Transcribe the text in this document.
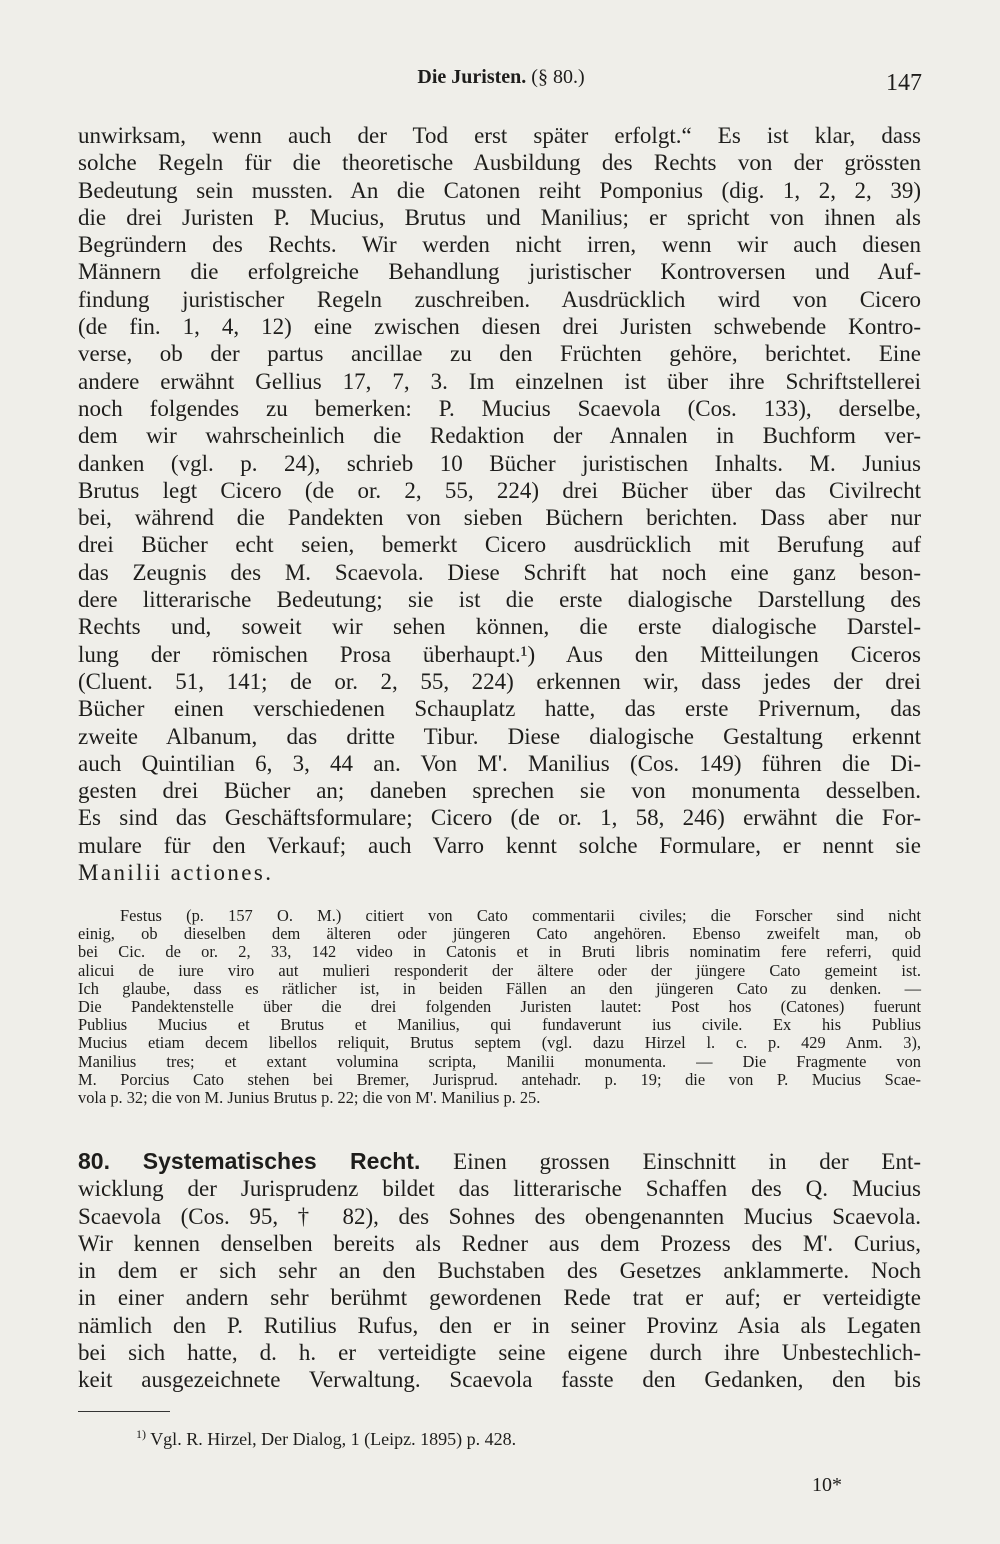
Die Juristen. (§ 80.)	147
unwirksam, wenn auch der Tod erst später erfolgt.“ Es ist klar, dass
solche Regeln für die theoretische Ausbildung des Rechts von der grössten
Bedeutung sein mussten. An die Catonen reiht Pomponius (dig. 1, 2, 2, 39)
die drei Juristen P. Mucius, Brutus und Manilius; er spricht von ihnen als
Begründern des Rechts. Wir werden nicht irren, wenn wir auch diesen
Männern die erfolgreiche Behandlung juristischer Kontroversen und Auf-
findung juristischer Regeln zuschreiben. Ausdrücklich wird von Cicero
(de fin. 1, 4, 12) eine zwischen diesen drei Juristen schwebende Kontro-
verse, ob der partus ancillae zu den Früchten gehöre, berichtet. Eine
andere erwähnt Gellius 17, 7, 3. Im einzelnen ist über ihre Schriftstellerei
noch folgendes zu bemerken: P. Mucius Scaevola (Cos. 133), derselbe,
dem wir wahrscheinlich die Redaktion der Annalen in Buchform ver-
danken (vgl. p. 24), schrieb 10 Bücher juristischen Inhalts. M. Junius
Brutus legt Cicero (de or. 2, 55, 224) drei Bücher über das Civilrecht
bei, während die Pandekten von sieben Büchern berichten. Dass aber nur
drei Bücher echt seien, bemerkt Cicero ausdrücklich mit Berufung auf
das Zeugnis des M. Scaevola. Diese Schrift hat noch eine ganz beson-
dere litterarische Bedeutung; sie ist die erste dialogische Darstellung des
Rechts und, soweit wir sehen können, die erste dialogische Darstel-
lung der römischen Prosa überhaupt.¹) Aus den Mitteilungen Ciceros
(Cluent. 51, 141; de or. 2, 55, 224) erkennen wir, dass jedes der drei
Bücher einen verschiedenen Schauplatz hatte, das erste Privernum, das
zweite Albanum, das dritte Tibur. Diese dialogische Gestaltung erkennt
auch Quintilian 6, 3, 44 an. Von M'. Manilius (Cos. 149) führen die Di-
gesten drei Bücher an; daneben sprechen sie von monumenta desselben.
Es sind das Geschäftsformulare; Cicero (de or. 1, 58, 246) erwähnt die For-
mulare für den Verkauf; auch Varro kennt solche Formulare, er nennt sie
Manilii actiones.
Festus (p. 157 O. M.) citiert von Cato commentarii civiles; die Forscher sind nicht
einig, ob dieselben dem älteren oder jüngeren Cato angehören. Ebenso zweifelt man, ob
bei Cic. de or. 2, 33, 142 video in Catonis et in Bruti libris nominatim fere referri, quid
alicui de iure viro aut mulieri responderit der ältere oder der jüngere Cato gemeint ist.
Ich glaube, dass es rätlicher ist, in beiden Fällen an den jüngeren Cato zu denken. —
Die Pandektenstelle über die drei folgenden Juristen lautet: Post hos (Catones) fuerunt
Publius Mucius et Brutus et Manilius, qui fundaverunt ius civile. Ex his Publius
Mucius etiam decem libellos reliquit, Brutus septem (vgl. dazu Hirzel l. c. p. 429 Anm. 3),
Manilius tres; et extant volumina scripta, Manilii monumenta. — Die Fragmente von
M. Porcius Cato stehen bei Bremer, Jurisprud. antehadr. p. 19; die von P. Mucius Scae-
vola p. 32; die von M. Junius Brutus p. 22; die von M'. Manilius p. 25.
80. Systematisches Recht. Einen grossen Einschnitt in der Ent-
wicklung der Jurisprudenz bildet das litterarische Schaffen des Q. Mucius
Scaevola (Cos. 95, † 82), des Sohnes des obengenannten Mucius Scaevola.
Wir kennen denselben bereits als Redner aus dem Prozess des M'. Curius,
in dem er sich sehr an den Buchstaben des Gesetzes anklammerte. Noch
in einer andern sehr berühmt gewordenen Rede trat er auf; er verteidigte
nämlich den P. Rutilius Rufus, den er in seiner Provinz Asia als Legaten
bei sich hatte, d. h. er verteidigte seine eigene durch ihre Unbestechlich-
keit ausgezeichnete Verwaltung. Scaevola fasste den Gedanken, den bis
$^{1)}$ Vgl. R. Hirzel, Der Dialog, 1 (Leipz. 1895) p. 428.
10*
